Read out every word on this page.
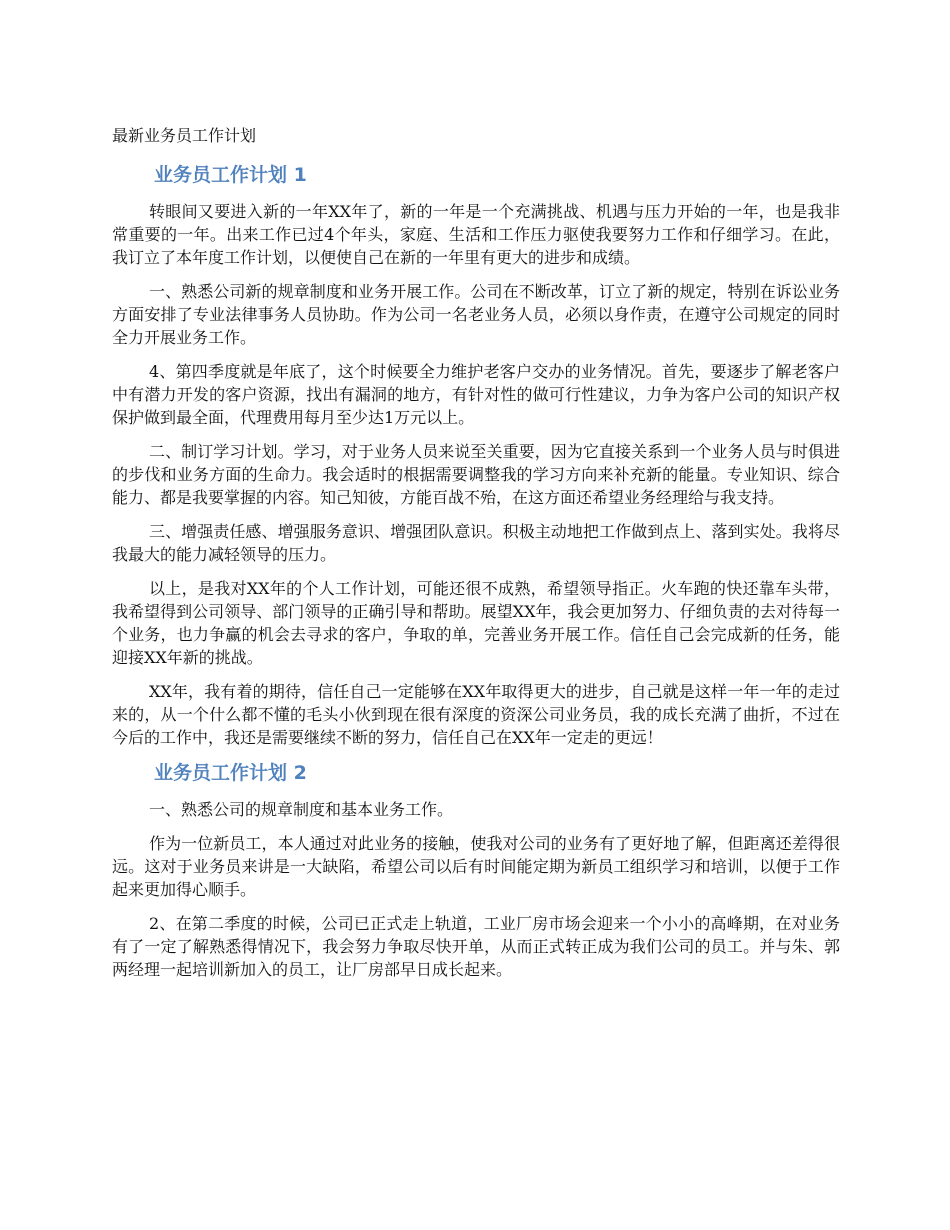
最新业务员工作计划
业务员工作计划 1

转眼间又要进入新的一年XX年了，新的一年是一个充满挑战、机遇与压力开始的一年，也是我非常重要的一年。出来工作已过4个年头，家庭、生活和工作压力驱使我要努力工作和仔细学习。在此，我订立了本年度工作计划，以便使自己在新的一年里有更大的进步和成绩。

一、熟悉公司新的规章制度和业务开展工作。公司在不断改革，订立了新的规定，特别在诉讼业务方面安排了专业法律事务人员协助。作为公司一名老业务人员，必须以身作责，在遵守公司规定的同时全力开展业务工作。

4、第四季度就是年底了，这个时候要全力维护老客户交办的业务情况。首先，要逐步了解老客户中有潜力开发的客户资源，找出有漏洞的地方，有针对性的做可行性建议，力争为客户公司的知识产权保护做到最全面，代理费用每月至少达1万元以上。

二、制订学习计划。学习，对于业务人员来说至关重要，因为它直接关系到一个业务人员与时俱进的步伐和业务方面的生命力。我会适时的根据需要调整我的学习方向来补充新的能量。专业知识、综合能力、都是我要掌握的内容。知己知彼，方能百战不殆，在这方面还希望业务经理给与我支持。

三、增强责任感、增强服务意识、增强团队意识。积极主动地把工作做到点上、落到实处。我将尽我最大的能力减轻领导的压力。

以上，是我对XX年的个人工作计划，可能还很不成熟，希望领导指正。火车跑的快还靠车头带，我希望得到公司领导、部门领导的正确引导和帮助。展望XX年，我会更加努力、仔细负责的去对待每一个业务，也力争赢的机会去寻求的客户，争取的单，完善业务开展工作。信任自己会完成新的任务，能迎接XX年新的挑战。

XX年，我有着的期待，信任自己一定能够在XX年取得更大的进步，自己就是这样一年一年的走过来的，从一个什么都不懂的毛头小伙到现在很有深度的资深公司业务员，我的成长充满了曲折，不过在今后的工作中，我还是需要继续不断的努力，信任自己在XX年一定走的更远！

业务员工作计划 2

一、熟悉公司的规章制度和基本业务工作。

作为一位新员工，本人通过对此业务的接触，使我对公司的业务有了更好地了解，但距离还差得很远。这对于业务员来讲是一大缺陷，希望公司以后有时间能定期为新员工组织学习和培训，以便于工作起来更加得心顺手。

2、在第二季度的时候，公司已正式走上轨道，工业厂房市场会迎来一个小小的高峰期，在对业务有了一定了解熟悉得情况下，我会努力争取尽快开单，从而正式转正成为我们公司的员工。并与朱、郭两经理一起培训新加入的员工，让厂房部早日成长起来。
